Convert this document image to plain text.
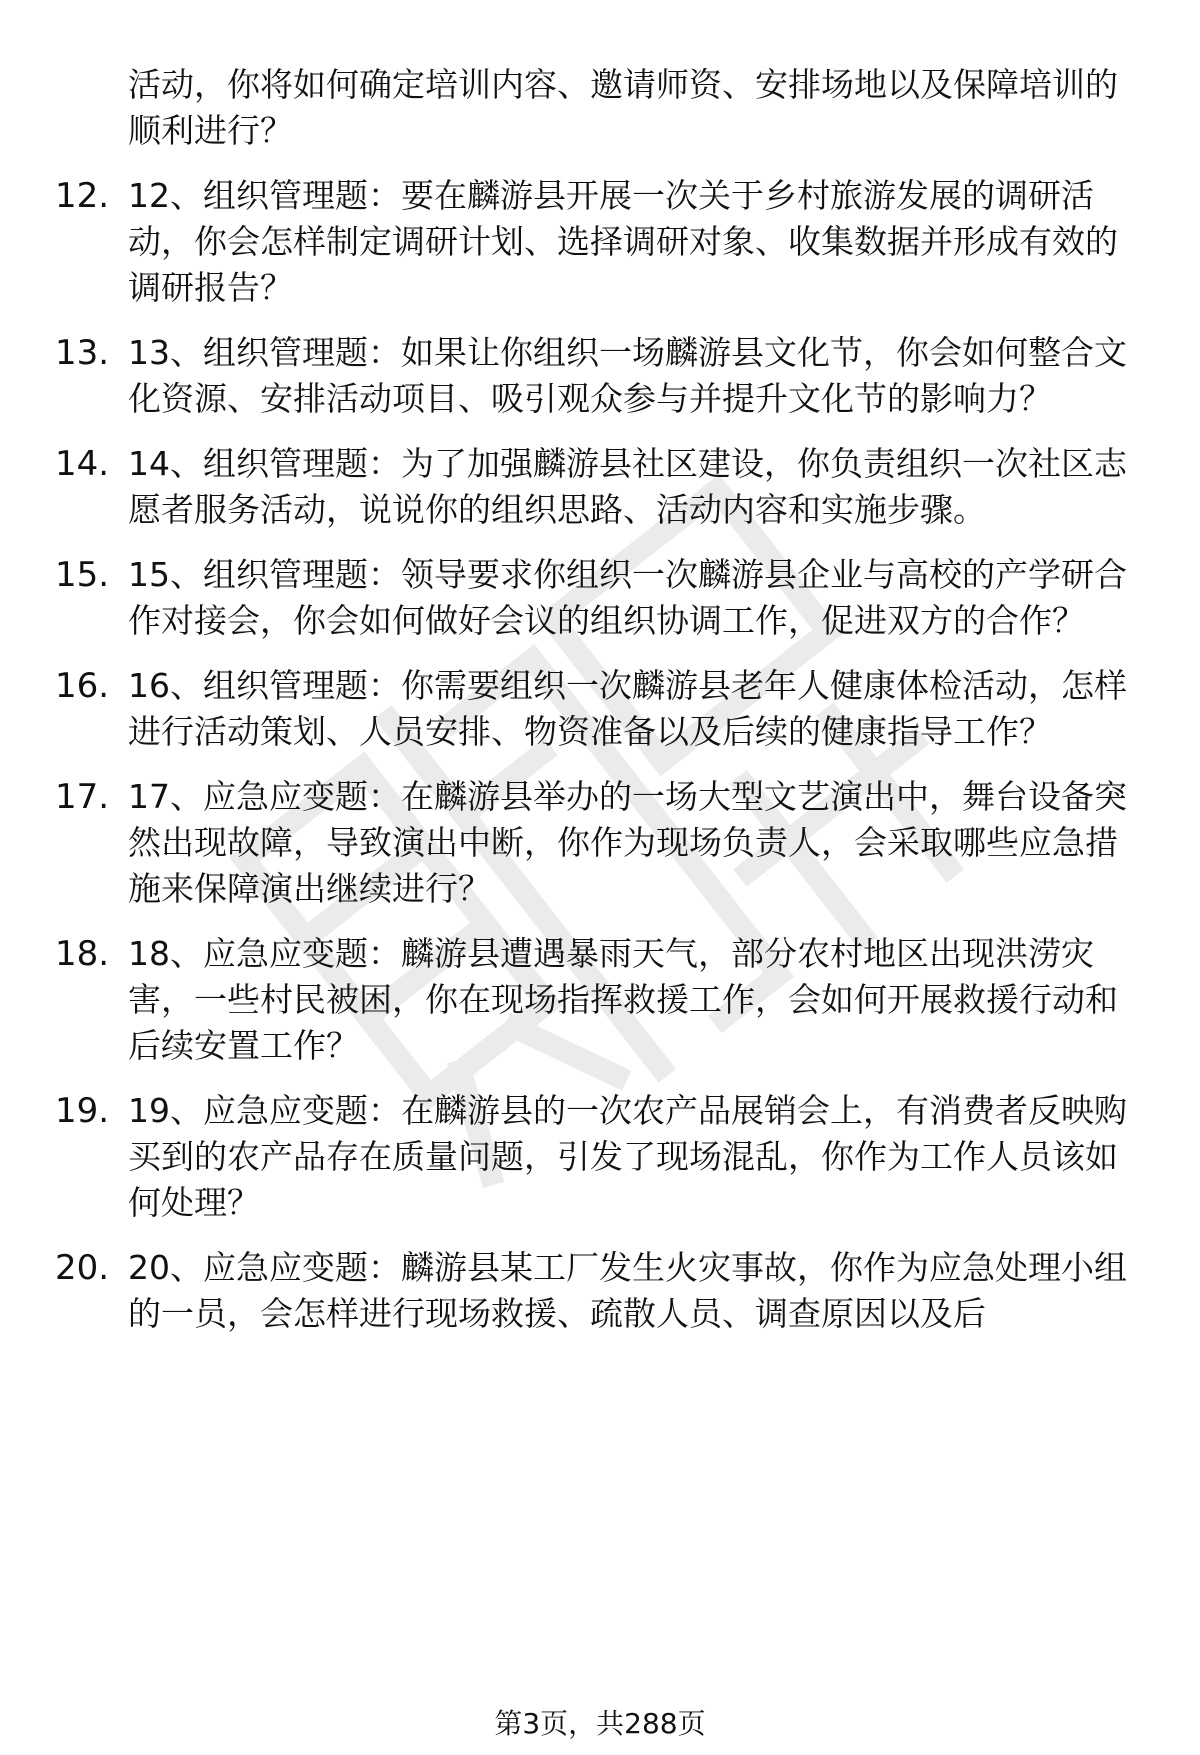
活动，你将如何确定培训内容、邀请师资、安排场地以及保障培训的顺利进行？
12. 12、组织管理题：要在麟游县开展一次关于乡村旅游发展的调研活动，你会怎样制定调研计划、选择调研对象、收集数据并形成有效的调研报告？
13. 13、组织管理题：如果让你组织一场麟游县文化节，你会如何整合文化资源、安排活动项目、吸引观众参与并提升文化节的影响力？
14. 14、组织管理题：为了加强麟游县社区建设，你负责组织一次社区志愿者服务活动，说说你的组织思路、活动内容和实施步骤。
15. 15、组织管理题：领导要求你组织一次麟游县企业与高校的产学研合作对接会，你会如何做好会议的组织协调工作，促进双方的合作？
16. 16、组织管理题：你需要组织一次麟游县老年人健康体检活动，怎样进行活动策划、人员安排、物资准备以及后续的健康指导工作？
17. 17、应急应变题：在麟游县举办的一场大型文艺演出中，舞台设备突然出现故障，导致演出中断，你作为现场负责人，会采取哪些应急措施来保障演出继续进行？
18. 18、应急应变题：麟游县遭遇暴雨天气，部分农村地区出现洪涝灾害，一些村民被困，你在现场指挥救援工作，会如何开展救援行动和后续安置工作？
19. 19、应急应变题：在麟游县的一次农产品展销会上，有消费者反映购买到的农产品存在质量问题，引发了现场混乱，你作为工作人员该如何处理？
20. 20、应急应变题：麟游县某工厂发生火灾事故，你作为应急处理小组的一员，会怎样进行现场救援、疏散人员、调查原因以及后
第3页，共288页
